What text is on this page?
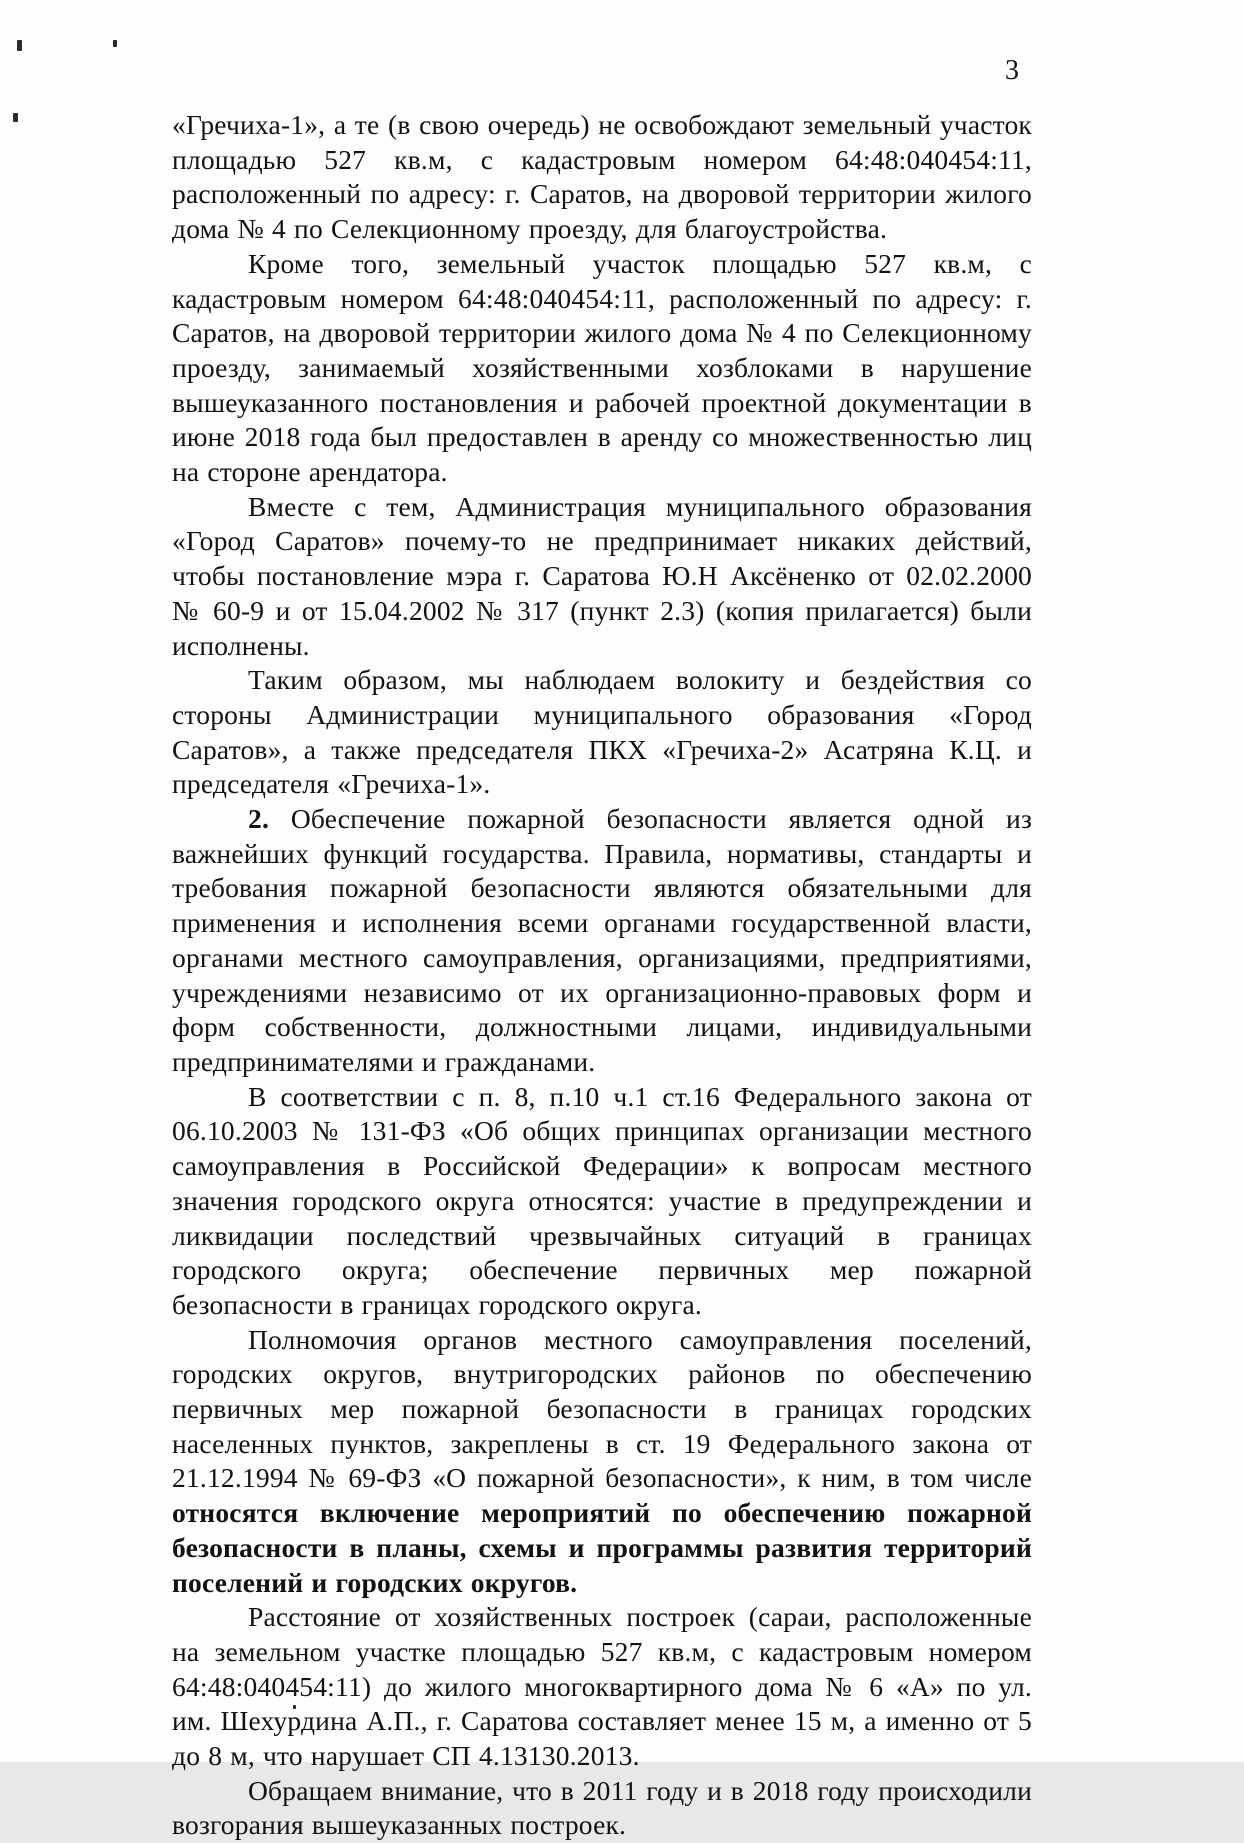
3

«Гречиха-1», а те (в свою очередь) не освобождают земельный участок площадью 527 кв.м, с кадастровым номером 64:48:040454:11, расположенный по адресу: г. Саратов, на дворовой территории жилого дома № 4 по Селекционному проезду, для благоустройства.

Кроме того, земельный участок площадью 527 кв.м, с кадастровым номером 64:48:040454:11, расположенный по адресу: г. Саратов, на дворовой территории жилого дома № 4 по Селекционному проезду, занимаемый хозяйственными хозблоками в нарушение вышеуказанного постановления и рабочей проектной документации в июне 2018 года был предоставлен в аренду со множественностью лиц на стороне арендатора.

Вместе с тем, Администрация муниципального образования «Город Саратов» почему-то не предпринимает никаких действий, чтобы постановление мэра г. Саратова Ю.Н Аксёненко от 02.02.2000 № 60-9 и от 15.04.2002 № 317 (пункт 2.3) (копия прилагается) были исполнены.

Таким образом, мы наблюдаем волокиту и бездействия со стороны Администрации муниципального образования «Город Саратов», а также председателя ПКХ «Гречиха-2» Асатряна К.Ц. и председателя «Гречиха-1».

2. Обеспечение пожарной безопасности является одной из важнейших функций государства. Правила, нормативы, стандарты и требования пожарной безопасности являются обязательными для применения и исполнения всеми органами государственной власти, органами местного самоуправления, организациями, предприятиями, учреждениями независимо от их организационно-правовых форм и форм собственности, должностными лицами, индивидуальными предпринимателями и гражданами.

В соответствии с п. 8, п.10 ч.1 ст.16 Федерального закона от 06.10.2003 № 131-ФЗ «Об общих принципах организации местного самоуправления в Российской Федерации» к вопросам местного значения городского округа относятся: участие в предупреждении и ликвидации последствий чрезвычайных ситуаций в границах городского округа; обеспечение первичных мер пожарной безопасности в границах городского округа.

Полномочия органов местного самоуправления поселений, городских округов, внутригородских районов по обеспечению первичных мер пожарной безопасности в границах городских населенных пунктов, закреплены в ст. 19 Федерального закона от 21.12.1994 № 69-ФЗ «О пожарной безопасности», к ним, в том числе относятся включение мероприятий по обеспечению пожарной безопасности в планы, схемы и программы развития территорий поселений и городских округов.

Расстояние от хозяйственных построек (сараи, расположенные на земельном участке площадью 527 кв.м, с кадастровым номером 64:48:040454:11) до жилого многоквартирного дома № 6 «А» по ул. им. Шехурдина А.П., г. Саратова составляет менее 15 м, а именно от 5 до 8 м, что нарушает СП 4.13130.2013.

Обращаем внимание, что в 2011 году и в 2018 году происходили возгорания вышеуказанных построек.
